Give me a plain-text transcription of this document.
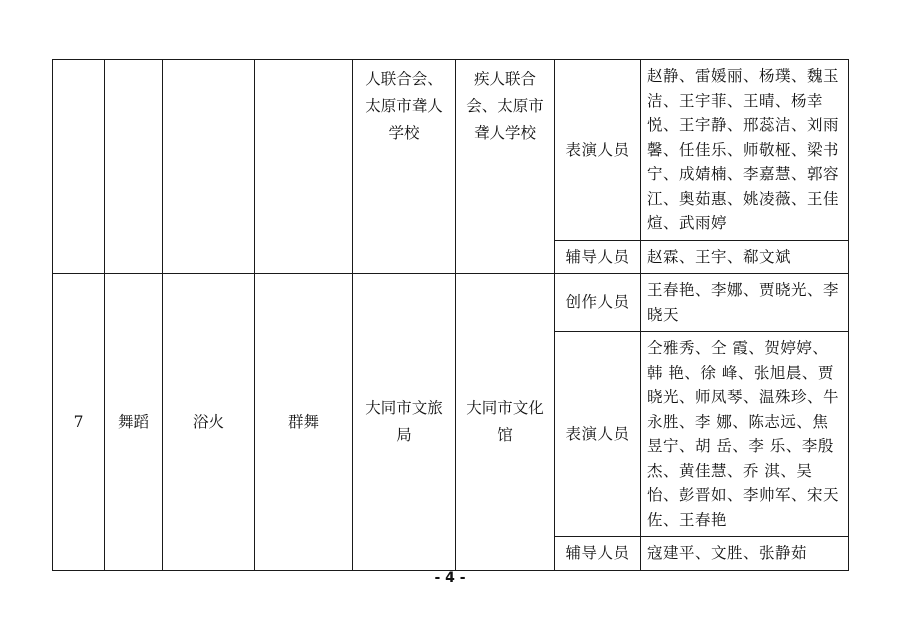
				人联合会、太原市聋人学校	疾人联合会、太原市聋人学校	表演人员	赵静、雷媛丽、杨璞、魏玉洁、王宇菲、王晴、杨幸悦、王宇静、邢蕊洁、刘雨馨、任佳乐、师敬桠、梁书宁、成婧楠、李嘉慧、郭容江、奥茹惠、姚凌薇、王佳煊、武雨婷
						辅导人员	赵霖、王宇、郗文斌
7	舞蹈	浴火	群舞	大同市文旅局	大同市文化馆	创作人员	王春艳、李娜、贾晓光、李晓天
						表演人员	仝雅秀、仝 霞、贺婷婷、韩 艳、徐 峰、张旭晨、贾晓光、师凤琴、温殊珍、牛永胜、李 娜、陈志远、焦昱宁、胡 岳、李 乐、李殷杰、黄佳慧、乔 淇、吴 怡、彭晋如、李帅军、宋天佐、王春艳
						辅导人员	寇建平、文胜、张静茹
- 4 -
